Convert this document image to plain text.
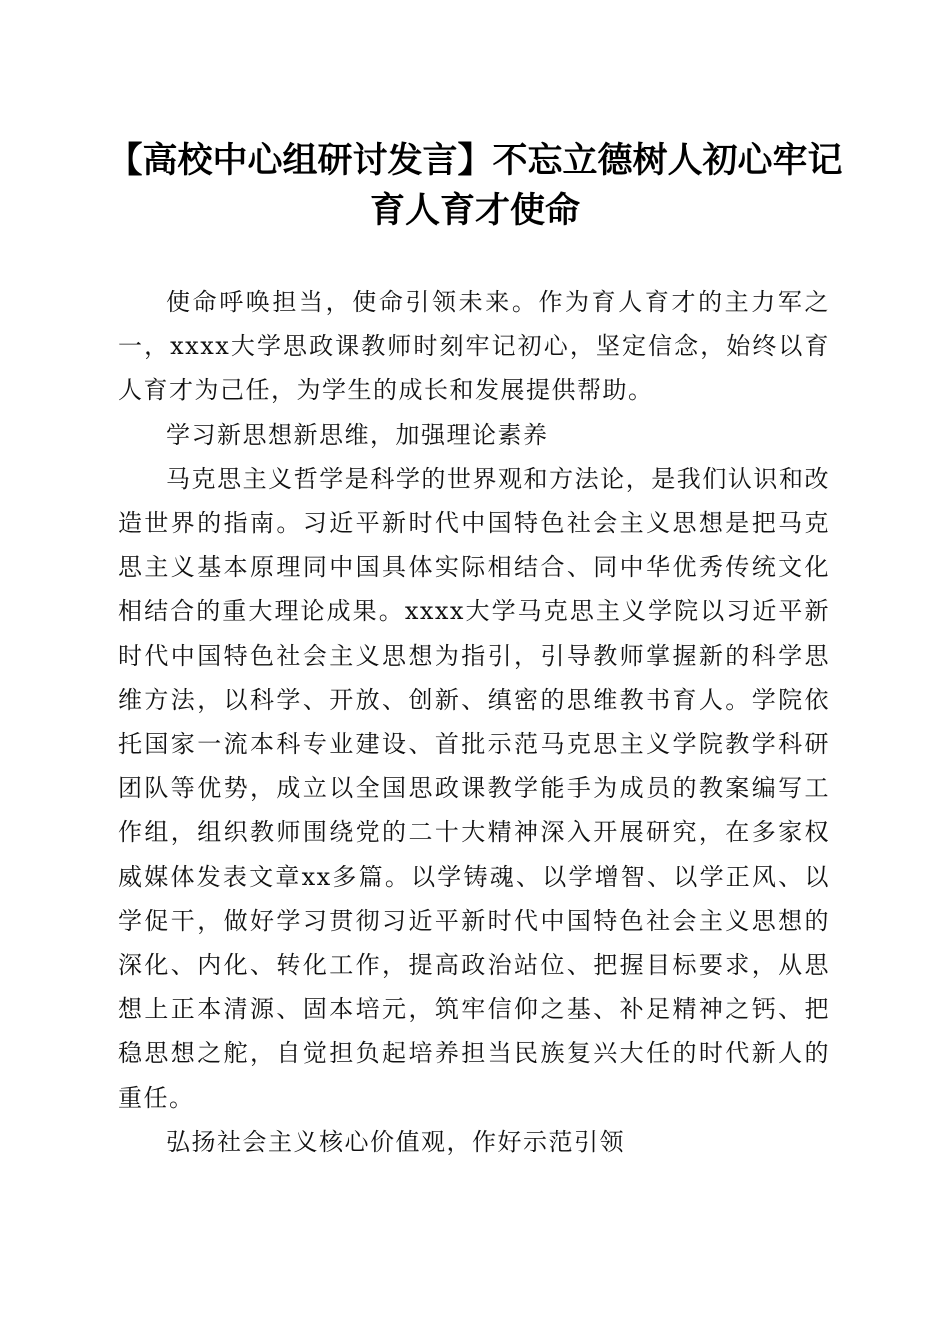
【高校中心组研讨发言】不忘立德树人初心牢记育人育才使命

使命呼唤担当，使命引领未来。作为育人育才的主力军之一，xxxx大学思政课教师时刻牢记初心，坚定信念，始终以育人育才为己任，为学生的成长和发展提供帮助。

学习新思想新思维，加强理论素养

马克思主义哲学是科学的世界观和方法论，是我们认识和改造世界的指南。习近平新时代中国特色社会主义思想是把马克思主义基本原理同中国具体实际相结合、同中华优秀传统文化相结合的重大理论成果。xxxx大学马克思主义学院以习近平新时代中国特色社会主义思想为指引，引导教师掌握新的科学思维方法，以科学、开放、创新、缜密的思维教书育人。学院依托国家一流本科专业建设、首批示范马克思主义学院教学科研团队等优势，成立以全国思政课教学能手为成员的教案编写工作组，组织教师围绕党的二十大精神深入开展研究，在多家权威媒体发表文章xx多篇。以学铸魂、以学增智、以学正风、以学促干，做好学习贯彻习近平新时代中国特色社会主义思想的深化、内化、转化工作，提高政治站位、把握目标要求，从思想上正本清源、固本培元，筑牢信仰之基、补足精神之钙、把稳思想之舵，自觉担负起培养担当民族复兴大任的时代新人的重任。

弘扬社会主义核心价值观，作好示范引领
